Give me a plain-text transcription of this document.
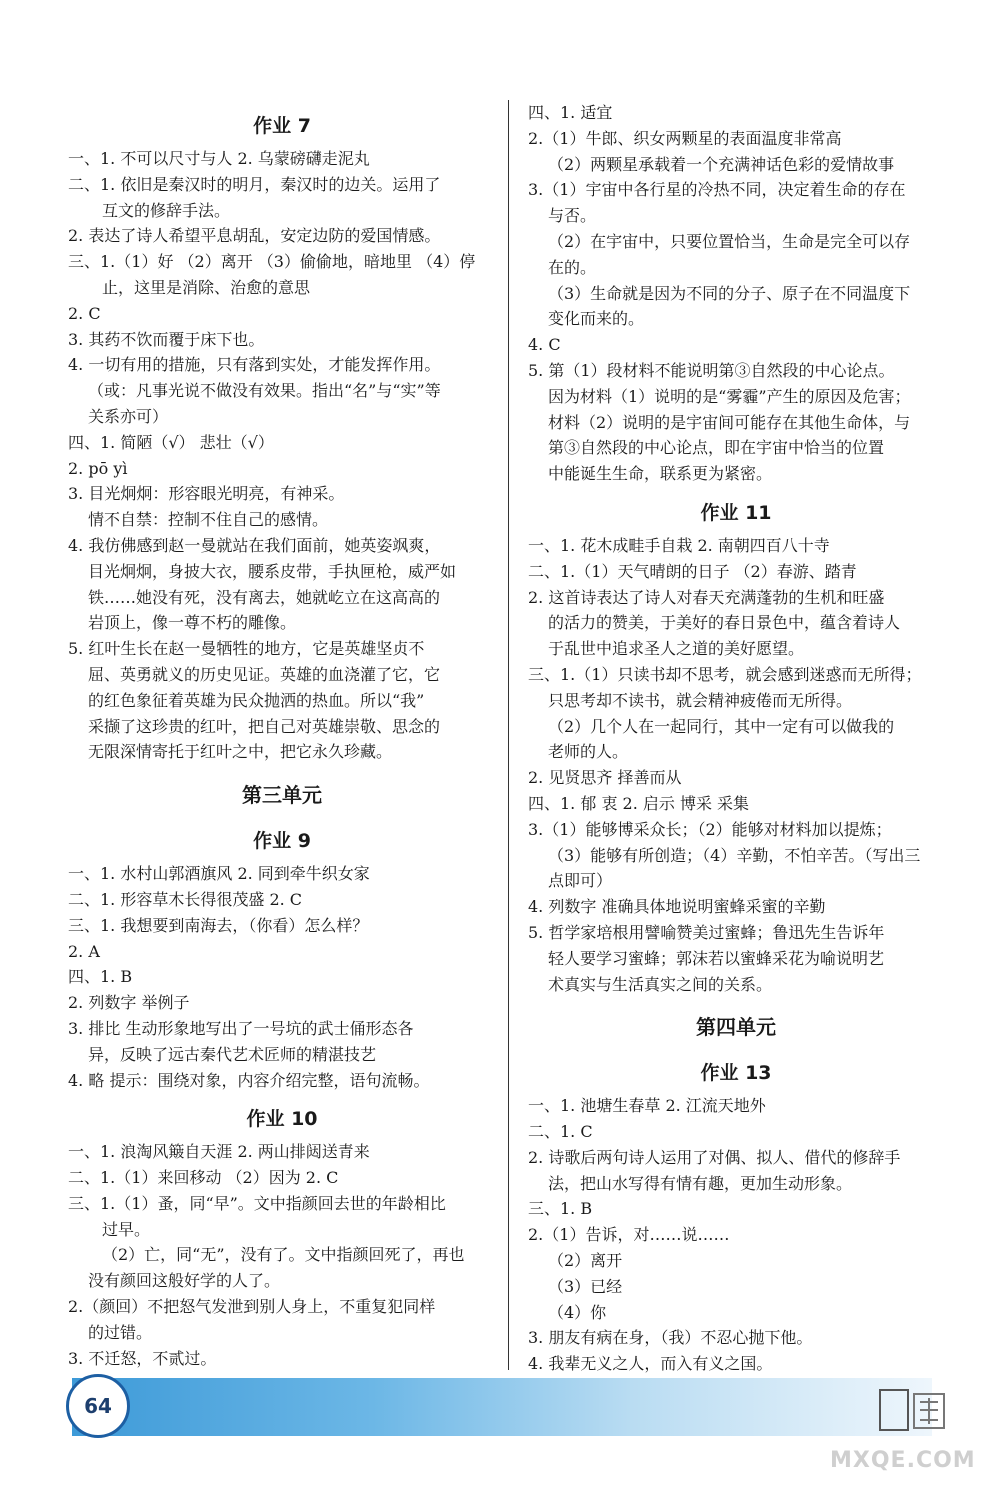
作业 7
一、1. 不可以尺寸与人 2. 乌蒙磅礴走泥丸
二、1. 依旧是秦汉时的明月，秦汉时的边关。运用了
互文的修辞手法。
2. 表达了诗人希望平息胡乱，安定边防的爱国情感。
三、1.（1）好 （2）离开 （3）偷偷地，暗地里 （4）停
止，这里是消除、治愈的意思
2. C
3. 其药不饮而覆于床下也。
4. 一切有用的措施，只有落到实处，才能发挥作用。
（或：凡事光说不做没有效果。指出“名”与“实”等
关系亦可）
四、1. 简陋（√） 悲壮（√）
2. pō yì
3. 目光炯炯：形容眼光明亮，有神采。
情不自禁：控制不住自己的感情。
4. 我仿佛感到赵一曼就站在我们面前，她英姿飒爽，
目光炯炯，身披大衣，腰系皮带，手执匣枪，威严如
铁……她没有死，没有离去，她就屹立在这高高的
岩顶上，像一尊不朽的雕像。
5. 红叶生长在赵一曼牺牲的地方，它是英雄坚贞不
屈、英勇就义的历史见证。英雄的血浇灌了它，它
的红色象征着英雄为民众抛洒的热血。所以“我”
采撷了这珍贵的红叶，把自己对英雄崇敬、思念的
无限深情寄托于红叶之中，把它永久珍藏。
第三单元
作业 9
一、1. 水村山郭酒旗风 2. 同到牵牛织女家
二、1. 形容草木长得很茂盛 2. C
三、1. 我想要到南海去，（你看）怎么样？
2. A
四、1. B
2. 列数字 举例子
3. 排比 生动形象地写出了一号坑的武士俑形态各
异，反映了远古秦代艺术匠师的精湛技艺
4. 略 提示：围绕对象，内容介绍完整，语句流畅。
作业 10
一、1. 浪淘风簸自天涯 2. 两山排闼送青来
二、1.（1）来回移动 （2）因为 2. C
三、1.（1）蚤，同“早”。文中指颜回去世的年龄相比
过早。
（2）亡，同“无”，没有了。文中指颜回死了，再也
没有颜回这般好学的人了。
2.（颜回）不把怒气发泄到别人身上，不重复犯同样
的过错。
3. 不迁怒，不贰过。
四、1. 适宜
2.（1）牛郎、织女两颗星的表面温度非常高
（2）两颗星承载着一个充满神话色彩的爱情故事
3.（1）宇宙中各行星的冷热不同，决定着生命的存在
与否。
（2）在宇宙中，只要位置恰当，生命是完全可以存
在的。
（3）生命就是因为不同的分子、原子在不同温度下
变化而来的。
4. C
5. 第（1）段材料不能说明第③自然段的中心论点。
因为材料（1）说明的是“雾霾”产生的原因及危害；
材料（2）说明的是宇宙间可能存在其他生命体，与
第③自然段的中心论点，即在宇宙中恰当的位置
中能诞生生命，联系更为紧密。
作业 11
一、1. 花木成畦手自栽 2. 南朝四百八十寺
二、1.（1）天气晴朗的日子 （2）春游、踏青
2. 这首诗表达了诗人对春天充满蓬勃的生机和旺盛
的活力的赞美，于美好的春日景色中，蕴含着诗人
于乱世中追求圣人之道的美好愿望。
三、1.（1）只读书却不思考，就会感到迷惑而无所得；
只思考却不读书，就会精神疲倦而无所得。
（2）几个人在一起同行，其中一定有可以做我的
老师的人。
2. 见贤思齐 择善而从
四、1. 郁 衷 2. 启示 博采 采集
3.（1）能够博采众长；（2）能够对材料加以提炼；
（3）能够有所创造；（4）辛勤，不怕辛苦。（写出三
点即可）
4. 列数字 准确具体地说明蜜蜂采蜜的辛勤
5. 哲学家培根用譬喻赞美过蜜蜂；鲁迅先生告诉年
轻人要学习蜜蜂；郭沫若以蜜蜂采花为喻说明艺
术真实与生活真实之间的关系。
第四单元
作业 13
一、1. 池塘生春草 2. 江流天地外
二、1. C
2. 诗歌后两句诗人运用了对偶、拟人、借代的修辞手
法，把山水写得有情有趣，更加生动形象。
三、1. B
2.（1）告诉，对……说……
（2）离开
（3）已经
（4）你
3. 朋友有病在身，（我）不忍心抛下他。
4. 我辈无义之人，而入有义之国。
64
MXQE.COM
